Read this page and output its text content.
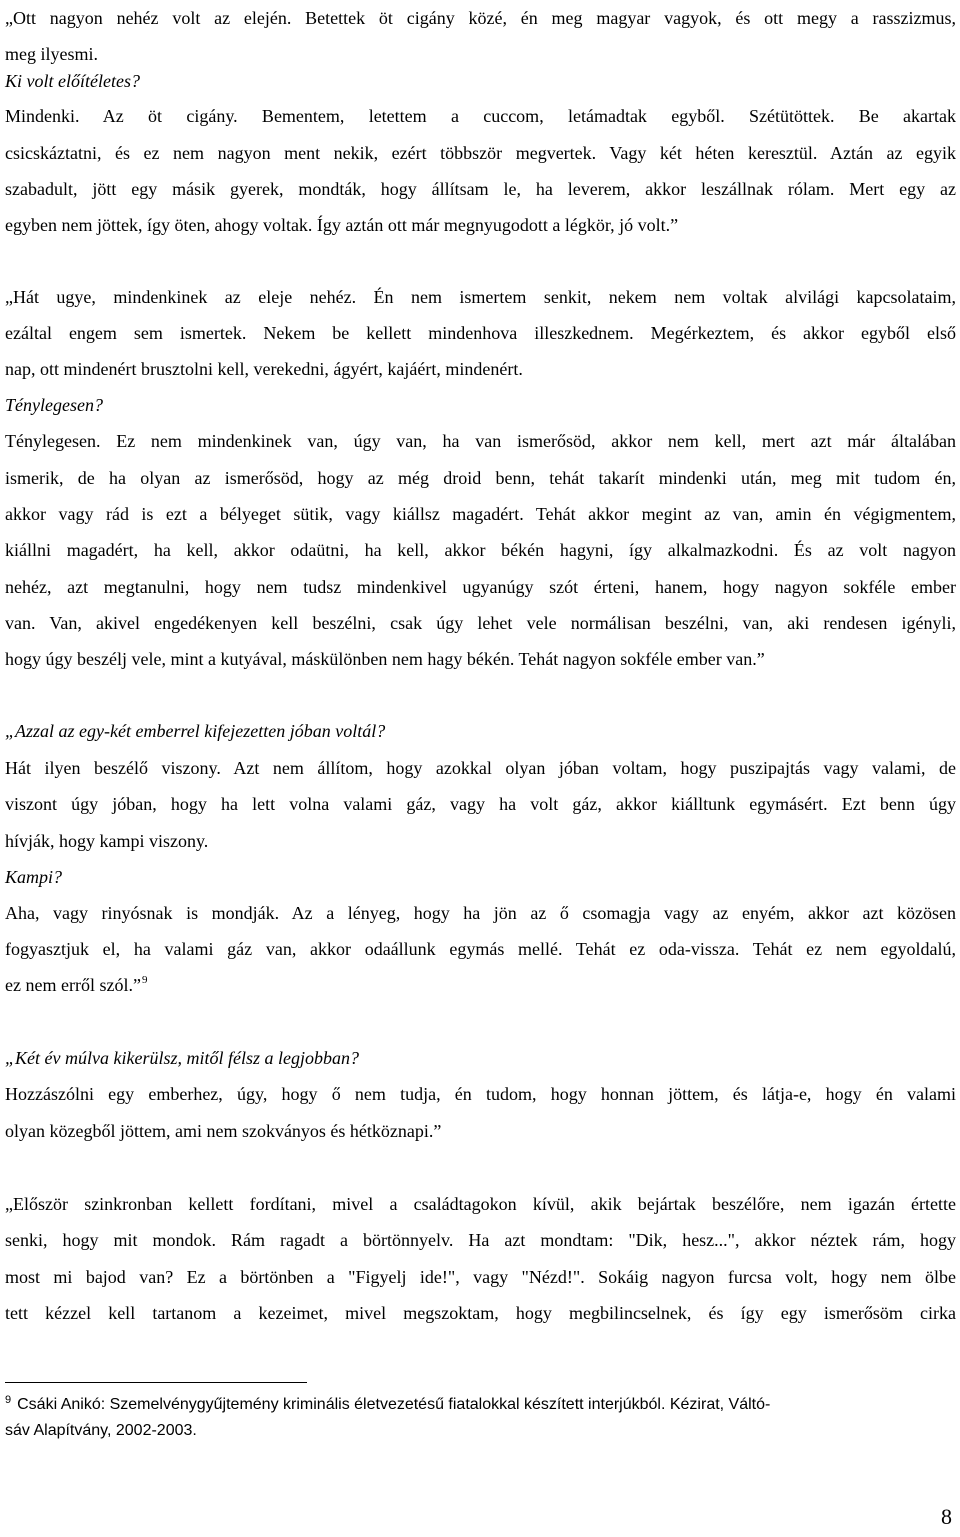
„Ott nagyon nehéz volt az elején. Betettek öt cigány közé, én meg magyar vagyok, és ott megy a rasszizmus,
meg ilyesmi.
Ki volt előítéletes?
Mindenki. Az öt cigány. Bementem, letettem a cuccom, letámadtak egyből. Szétütöttek. Be akartak
csicskáztatni, és ez nem nagyon ment nekik, ezért többször megvertek. Vagy két héten keresztül. Aztán az egyik
szabadult, jött egy másik gyerek, mondták, hogy állítsam le, ha leverem, akkor leszállnak rólam. Mert egy az
egyben nem jöttek, így öten, ahogy voltak. Így aztán ott már megnyugodott a légkör, jó volt.”
„Hát ugye, mindenkinek az eleje nehéz. Én nem ismertem senkit, nekem nem voltak alvilági kapcsolataim,
ezáltal engem sem ismertek. Nekem be kellett mindenhova illeszkednem. Megérkeztem, és akkor egyből első
nap, ott mindenért brusztolni kell, verekedni, ágyért, kajáért, mindenért.
Ténylegesen?
Ténylegesen. Ez nem mindenkinek van, úgy van, ha van ismerősöd, akkor nem kell, mert azt már általában
ismerik, de ha olyan az ismerősöd, hogy az még droid benn, tehát takarít mindenki után, meg mit tudom én,
akkor vagy rád is ezt a bélyeget sütik, vagy kiállsz magadért. Tehát akkor megint az van, amin én végigmentem,
kiállni magadért, ha kell, akkor odaütni, ha kell, akkor békén hagyni, így alkalmazkodni. És az volt nagyon
nehéz, azt megtanulni, hogy nem tudsz mindenkivel ugyanúgy szót érteni, hanem, hogy nagyon sokféle ember
van. Van, akivel engedékenyen kell beszélni, csak úgy lehet vele normálisan beszélni, van, aki rendesen igényli,
hogy úgy beszélj vele, mint a kutyával, máskülönben nem hagy békén. Tehát nagyon sokféle ember van.”
„Azzal az egy-két emberrel kifejezetten jóban voltál?
Hát ilyen beszélő viszony. Azt nem állítom, hogy azokkal olyan jóban voltam, hogy puszipajtás vagy valami, de
viszont úgy jóban, hogy ha lett volna valami gáz, vagy ha volt gáz, akkor kiálltunk egymásért. Ezt benn úgy
hívják, hogy kampi viszony.
Kampi?
Aha, vagy rinyósnak is mondják. Az a lényeg, hogy ha jön az ő csomagja vagy az enyém, akkor azt közösen
fogyasztjuk el, ha valami gáz van, akkor odaállunk egymás mellé. Tehát ez oda-vissza. Tehát ez nem egyoldalú,
ez nem erről szól.”$^9$
„Két év múlva kikerülsz, mitől félsz a legjobban?
Hozzászólni egy emberhez, úgy, hogy ő nem tudja, én tudom, hogy honnan jöttem, és látja-e, hogy én valami
olyan közegből jöttem, ami nem szokványos és hétköznapi.”
„Először szinkronban kellett fordítani, mivel a családtagokon kívül, akik bejártak beszélőre, nem igazán értette
senki, hogy mit mondok. Rám ragadt a börtönnyelv. Ha azt mondtam: "Dik, hesz...", akkor néztek rám, hogy
most mi bajod van? Ez a börtönben a "Figyelj ide!", vagy "Nézd!". Sokáig nagyon furcsa volt, hogy nem ölbe
tett kézzel kell tartanom a kezeimet, mivel megszoktam, hogy megbilincselnek, és így egy ismerősöm cirka
$^9$ Csáki Anikó: Szemelvénygyűjtemény kriminális életvezetésű fiatalokkal készített interjúkból. Kézirat, Váltó-
sáv Alapítvány, 2002-2003.
8
